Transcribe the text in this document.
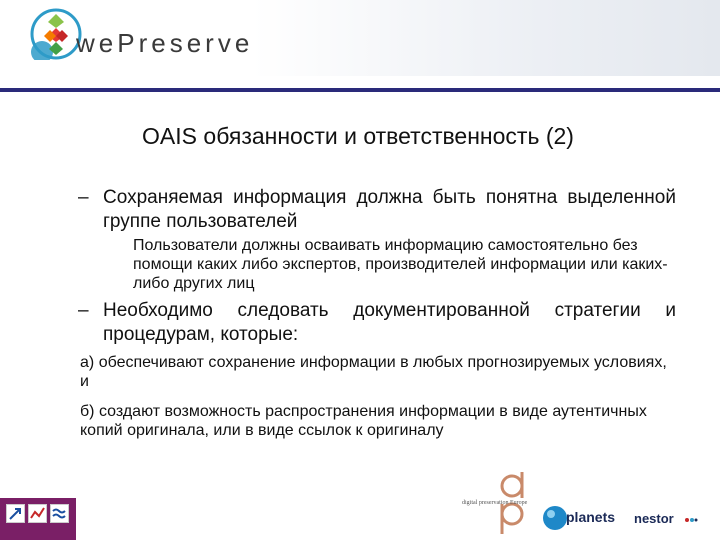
wePreserve
OAIS обязанности и ответственность (2)
– Сохраняемая информация должна быть понятна выделенной группе пользователей
Пользователи должны осваивать информацию самостоятельно без помощи каких либо экспертов, производителей информации или каких-либо других лиц
– Необходимо следовать документированной стратегии и процедурам, которые:
а) обеспечивают сохранение информации в любых прогнозируемых условиях, и
б) создают возможность распространения информации в виде аутентичных копий оригинала, или в виде ссылок к оригиналу
digital preservation Europe
planets nestor
